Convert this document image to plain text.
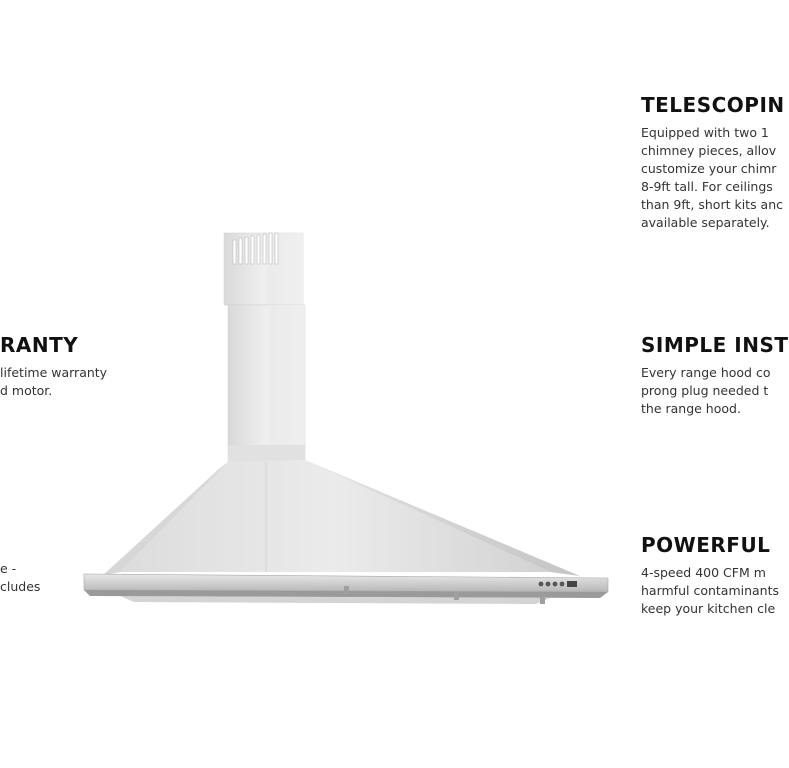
TELESCOPIN
Equipped with two 1
chimney pieces, allov
customize your chimr
8-9ft tall. For ceilings
than 9ft, short kits anc
available separately.
RANTY
lifetime warranty
d motor.
e -
cludes
SIMPLE INST
Every range hood co
prong plug needed t
the range hood.
POWERFUL
4-speed 400 CFM m
harmful contaminants
keep your kitchen cle
